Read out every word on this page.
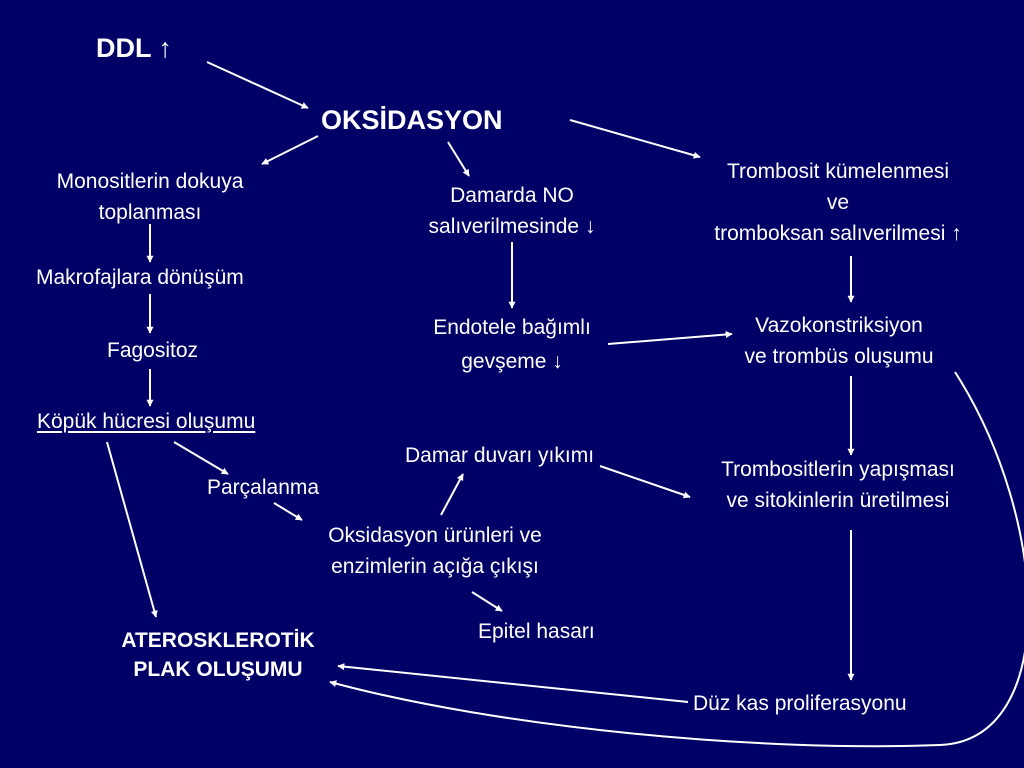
DDL ↑
OKSİDASYON
Monositlerin dokuya
toplanması
Damarda NO
salıverilmesinde ↓
Trombosit kümelenmesi
ve
tromboksan salıverilmesi ↑
Makrofajlara dönüşüm
Fagositoz
Endotele bağımlı
gevşeme ↓
Vazokonstriksiyon
ve trombüs oluşumu
Köpük hücresi oluşumu
Damar duvarı yıkımı
Parçalanma
Trombositlerin yapışması
ve sitokinlerin üretilmesi
Oksidasyon ürünleri ve
enzimlerin açığa çıkışı
Epitel hasarı
ATEROSKLEROTİK
PLAK OLUŞUMU
Düz kas proliferasyonu
